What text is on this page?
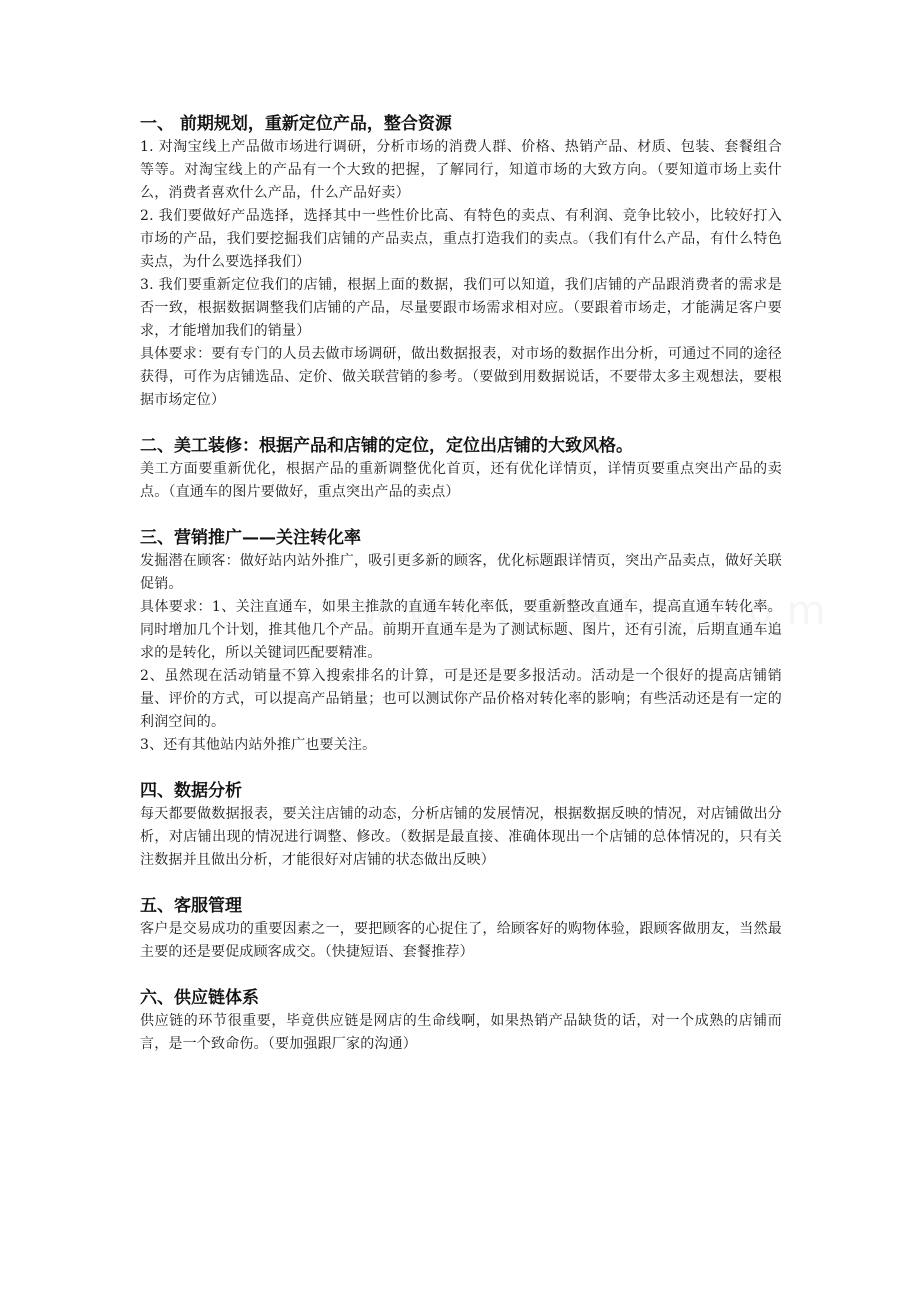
一、 前期规划，重新定位产品，整合资源

1. 对淘宝线上产品做市场进行调研，分析市场的消费人群、价格、热销产品、材质、包装、套餐组合等等。对淘宝线上的产品有一个大致的把握，了解同行，知道市场的大致方向。（要知道市场上卖什么，消费者喜欢什么产品，什么产品好卖）

2. 我们要做好产品选择，选择其中一些性价比高、有特色的卖点、有利润、竞争比较小，比较好打入市场的产品，我们要挖掘我们店铺的产品卖点，重点打造我们的卖点。（我们有什么产品，有什么特色卖点，为什么要选择我们）

3. 我们要重新定位我们的店铺，根据上面的数据，我们可以知道，我们店铺的产品跟消费者的需求是否一致，根据数据调整我们店铺的产品，尽量要跟市场需求相对应。（要跟着市场走，才能满足客户要求，才能增加我们的销量）

具体要求：要有专门的人员去做市场调研，做出数据报表，对市场的数据作出分析，可通过不同的途径获得，可作为店铺选品、定价、做关联营销的参考。（要做到用数据说话，不要带太多主观想法，要根据市场定位）

二、美工装修：根据产品和店铺的定位，定位出店铺的大致风格。

美工方面要重新优化，根据产品的重新调整优化首页，还有优化详情页，详情页要重点突出产品的卖点。（直通车的图片要做好，重点突出产品的卖点）

三、营销推广——关注转化率

发掘潜在顾客：做好站内站外推广，吸引更多新的顾客，优化标题跟详情页，突出产品卖点，做好关联促销。

具体要求：1、关注直通车，如果主推款的直通车转化率低，要重新整改直通车，提高直通车转化率。同时增加几个计划，推其他几个产品。前期开直通车是为了测试标题、图片，还有引流，后期直通车追求的是转化，所以关键词匹配要精准。

2、虽然现在活动销量不算入搜索排名的计算，可是还是要多报活动。活动是一个很好的提高店铺销量、评价的方式，可以提高产品销量；也可以测试你产品价格对转化率的影响；有些活动还是有一定的利润空间的。

3、还有其他站内站外推广也要关注。

四、数据分析

每天都要做数据报表，要关注店铺的动态，分析店铺的发展情况，根据数据反映的情况，对店铺做出分析，对店铺出现的情况进行调整、修改。（数据是最直接、准确体现出一个店铺的总体情况的，只有关注数据并且做出分析，才能很好对店铺的状态做出反映）

五、客服管理

客户是交易成功的重要因素之一，要把顾客的心捉住了，给顾客好的购物体验，跟顾客做朋友，当然最主要的还是要促成顾客成交。（快捷短语、套餐推荐）

六、供应链体系

供应链的环节很重要，毕竟供应链是网店的生命线啊，如果热销产品缺货的话，对一个成熟的店铺而言，是一个致命伤。（要加强跟厂家的沟通）
